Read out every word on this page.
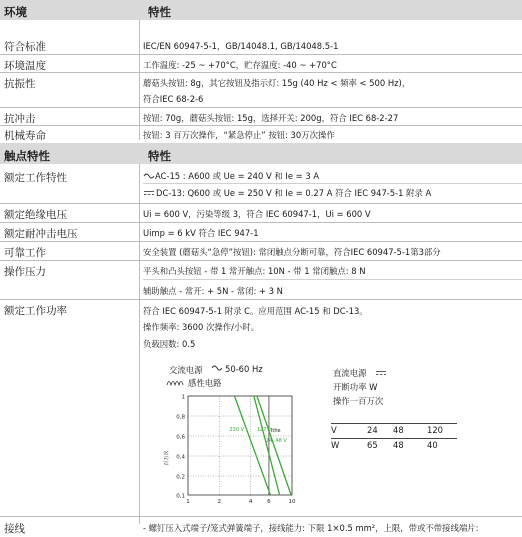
环境	特性
符合标准	IEC/EN 60947-5-1，GB/14048.1, GB/14048.5-1
环境温度	工作温度: -25 ~ +70°C，贮存温度: -40 ~ +70°C
抗振性	蘑菇头按钮: 8g，其它按钮及指示灯: 15g (40 Hz < 频率 < 500 Hz)，
符合IEC 68-2-6
抗冲击	按钮: 70g，蘑菇头按钮: 15g，选择开关: 200g，符合 IEC 68-2-27
机械寿命	按钮: 3 百万次操作，“紧急停止” 按钮: 30万次操作
触点特性	特性
额定工作特性	AC-15 : A600 或 Ue = 240 V 和 Ie = 3 A
DC-13: Q600 或 Ue = 250 V 和 Ie = 0.27 A 符合 IEC 947-5-1 附录 A
额定绝缘电压	Ui = 600 V，污染等级 3，符合 IEC 60947-1，Ui = 600 V
额定耐冲击电压	Uimp = 6 kV 符合 IEC 947-1
可靠工作	安全装置 (蘑菇头“急停”按钮): 常闭触点分断可靠，符合IEC 60947-5-1第3部分
操作压力	平头和凸头按钮 - 带 1 常开触点: 10N - 带 1 常闭触点: 8 N
辅助触点 - 常开: + 5N - 常闭: + 3 N
额定工作功率	符合 IEC 60947-5-1 附录 C。应用范围 AC-15 和 DC-13。
操作频率: 3600 次操作/小时。
负载因数: 0.5
交流电源	50-60 Hz
感性电路
1
0,8
0,6
0,4
0,2
0,1
1	2	4	6	10
百万次
Ithe
230 V	127 V
24..48 V
直流电源
开断功率 W
操作一百万次
V	24	48	120
W	65	48	40
接线	- 螺钉压入式端子/笼式弹簧端子，接线能力: 下限 1×0.5 mm²，上限，带或不带接线端片:
